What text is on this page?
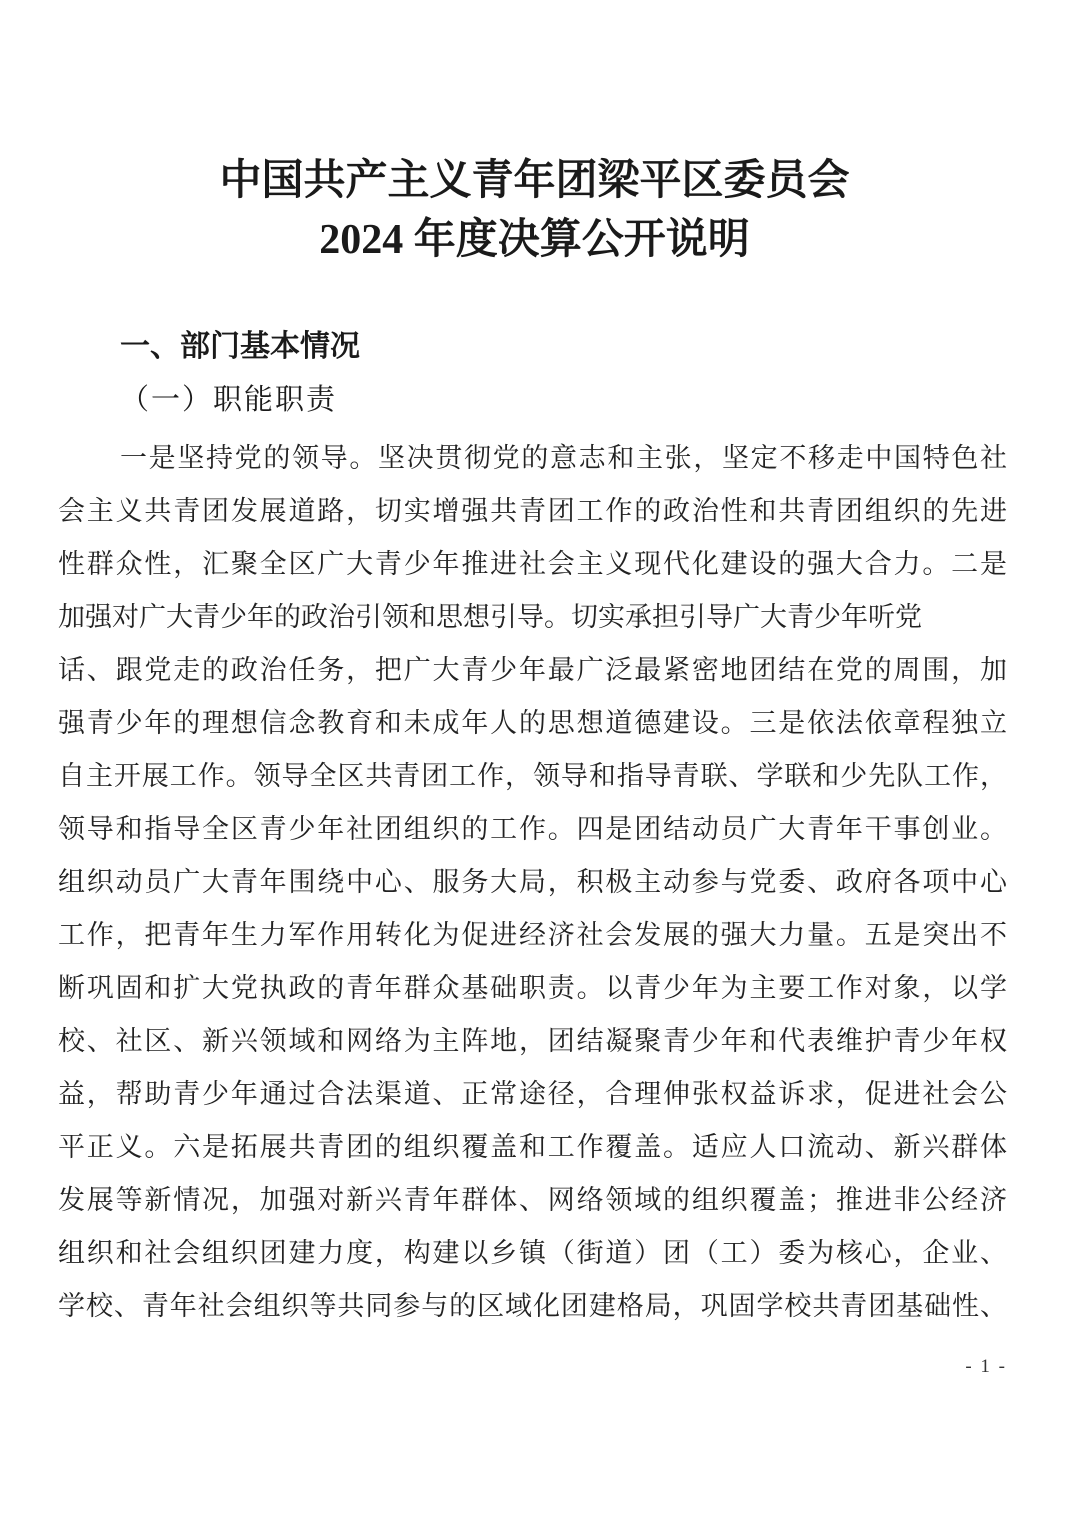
中国共产主义青年团梁平区委员会
2024 年度决算公开说明
一、部门基本情况
（一）职能职责
一是坚持党的领导。坚决贯彻党的意志和主张，坚定不移走中国特色社
会主义共青团发展道路，切实增强共青团工作的政治性和共青团组织的先进
性群众性，汇聚全区广大青少年推进社会主义现代化建设的强大合力。二是
加强对广大青少年的政治引领和思想引导。切实承担引导广大青少年听党
话、跟党走的政治任务，把广大青少年最广泛最紧密地团结在党的周围，加
强青少年的理想信念教育和未成年人的思想道德建设。三是依法依章程独立
自主开展工作。领导全区共青团工作，领导和指导青联、学联和少先队工作，
领导和指导全区青少年社团组织的工作。四是团结动员广大青年干事创业。
组织动员广大青年围绕中心、服务大局，积极主动参与党委、政府各项中心
工作，把青年生力军作用转化为促进经济社会发展的强大力量。五是突出不
断巩固和扩大党执政的青年群众基础职责。以青少年为主要工作对象，以学
校、社区、新兴领域和网络为主阵地，团结凝聚青少年和代表维护青少年权
益，帮助青少年通过合法渠道、正常途径，合理伸张权益诉求，促进社会公
平正义。六是拓展共青团的组织覆盖和工作覆盖。适应人口流动、新兴群体
发展等新情况，加强对新兴青年群体、网络领域的组织覆盖；推进非公经济
组织和社会组织团建力度，构建以乡镇（街道）团（工）委为核心，企业、
学校、青年社会组织等共同参与的区域化团建格局，巩固学校共青团基础性、
- 1 -
